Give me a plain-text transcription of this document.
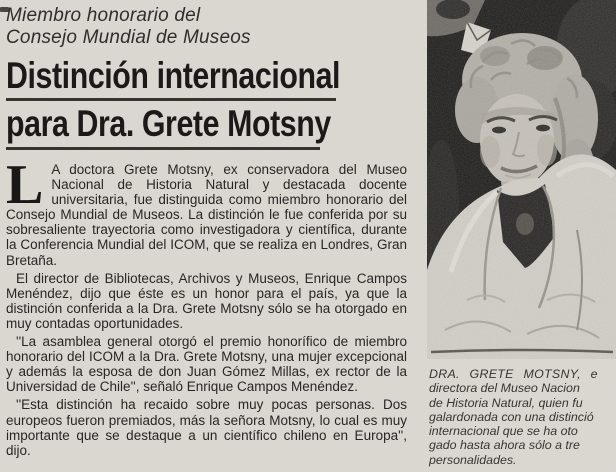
Miembro honorario del
Consejo Mundial de Museos
Distinción internacional
para Dra. Grete Motsny

L A doctora Grete Motsny, ex conservadora del Museo Nacional de Historia Natural y destacada docente universitaria, fue distinguida como miembro honorario del Consejo Mundial de Museos. La distinción le fue conferida por su sobresaliente trayectoria como investigadora y científica, durante la Conferencia Mundial del ICOM, que se realiza en Londres, Gran Bretaña.

El director de Bibliotecas, Archivos y Museos, Enrique Campos Menéndez, dijo que éste es un honor para el país, ya que la distinción conferida a la Dra. Grete Motsny sólo se ha otorgado en muy contadas oportunidades.

''La asamblea general otorgó el premio honorífico de miembro honorario del ICOM a la Dra. Grete Motsny, una mujer excepcional y además la esposa de don Juan Gómez Millas, ex rector de la Universidad de Chile'', señaló Enrique Campos Menéndez.

''Esta distinción ha recaido sobre muy pocas personas. Dos europeos fueron premiados, más la señora Motsny, lo cual es muy importante que se destaque a un científico chileno en Europa'', dijo.

DRA. GRETE MOTSNY, e
directora del Museo Nacion
de Historia Natural, quien fu
galardonada con una distinció
internacional que se ha oto
gado hasta ahora sólo a tre
personalidades.
